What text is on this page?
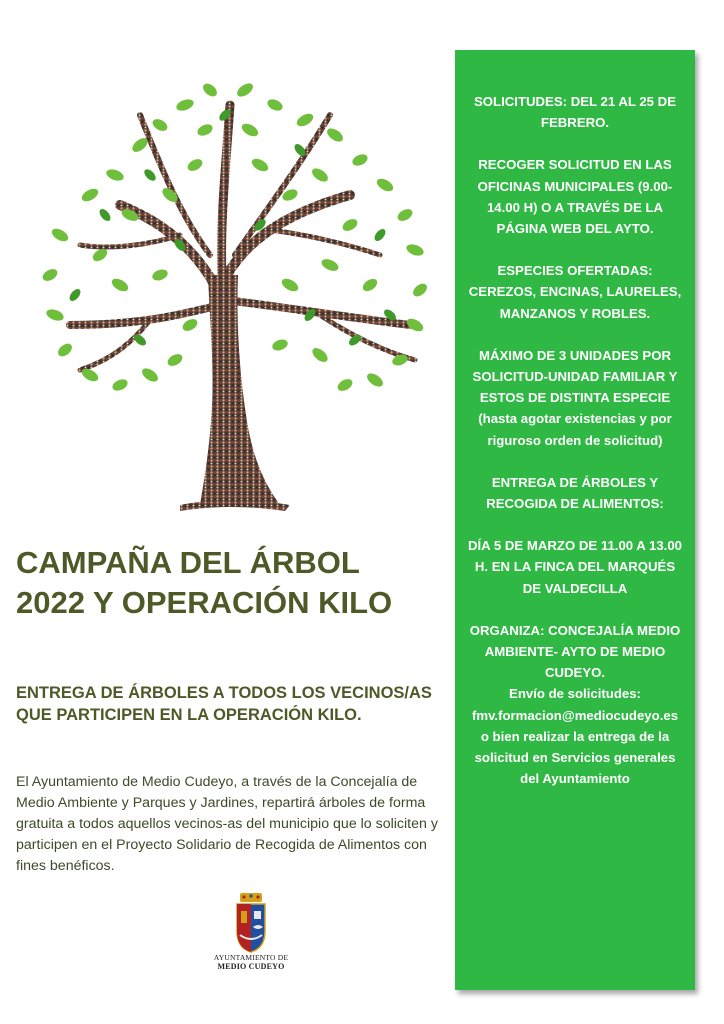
CAMPAÑA DEL ÁRBOL
2022 Y OPERACIÓN KILO
ENTREGA DE ÁRBOLES A TODOS LOS VECINOS/AS QUE PARTICIPEN EN LA OPERACIÓN KILO.
El Ayuntamiento de Medio Cudeyo, a través de la Concejalía de Medio Ambiente y Parques y Jardines, repartirá árboles de forma gratuita a todos aquellos vecinos-as del municipio que lo soliciten y participen en el Proyecto Solidario de Recogida de Alimentos con fines benéficos.
AYUNTAMIENTO DE
MEDIO CUDEYO

SOLICITUDES: DEL 21 AL 25 DE FEBRERO.

RECOGER SOLICITUD EN LAS OFICINAS MUNICIPALES (9.00-14.00 H) O A TRAVÉS DE LA PÁGINA WEB DEL AYTO.

ESPECIES OFERTADAS: CEREZOS, ENCINAS, LAURELES, MANZANOS Y ROBLES.

MÁXIMO DE 3 UNIDADES POR SOLICITUD-UNIDAD FAMILIAR Y ESTOS DE DISTINTA ESPECIE (hasta agotar existencias y por riguroso orden de solicitud)

ENTREGA DE ÁRBOLES Y RECOGIDA DE ALIMENTOS:

DÍA 5 DE MARZO DE 11.00 A 13.00 H. EN LA FINCA DEL MARQUÉS DE VALDECILLA

ORGANIZA: CONCEJALÍA MEDIO AMBIENTE- AYTO DE MEDIO CUDEYO.

Envío de solicitudes: fmv.formacion@mediocudeyo.es o bien realizar la entrega de la solicitud en Servicios generales del Ayuntamiento
